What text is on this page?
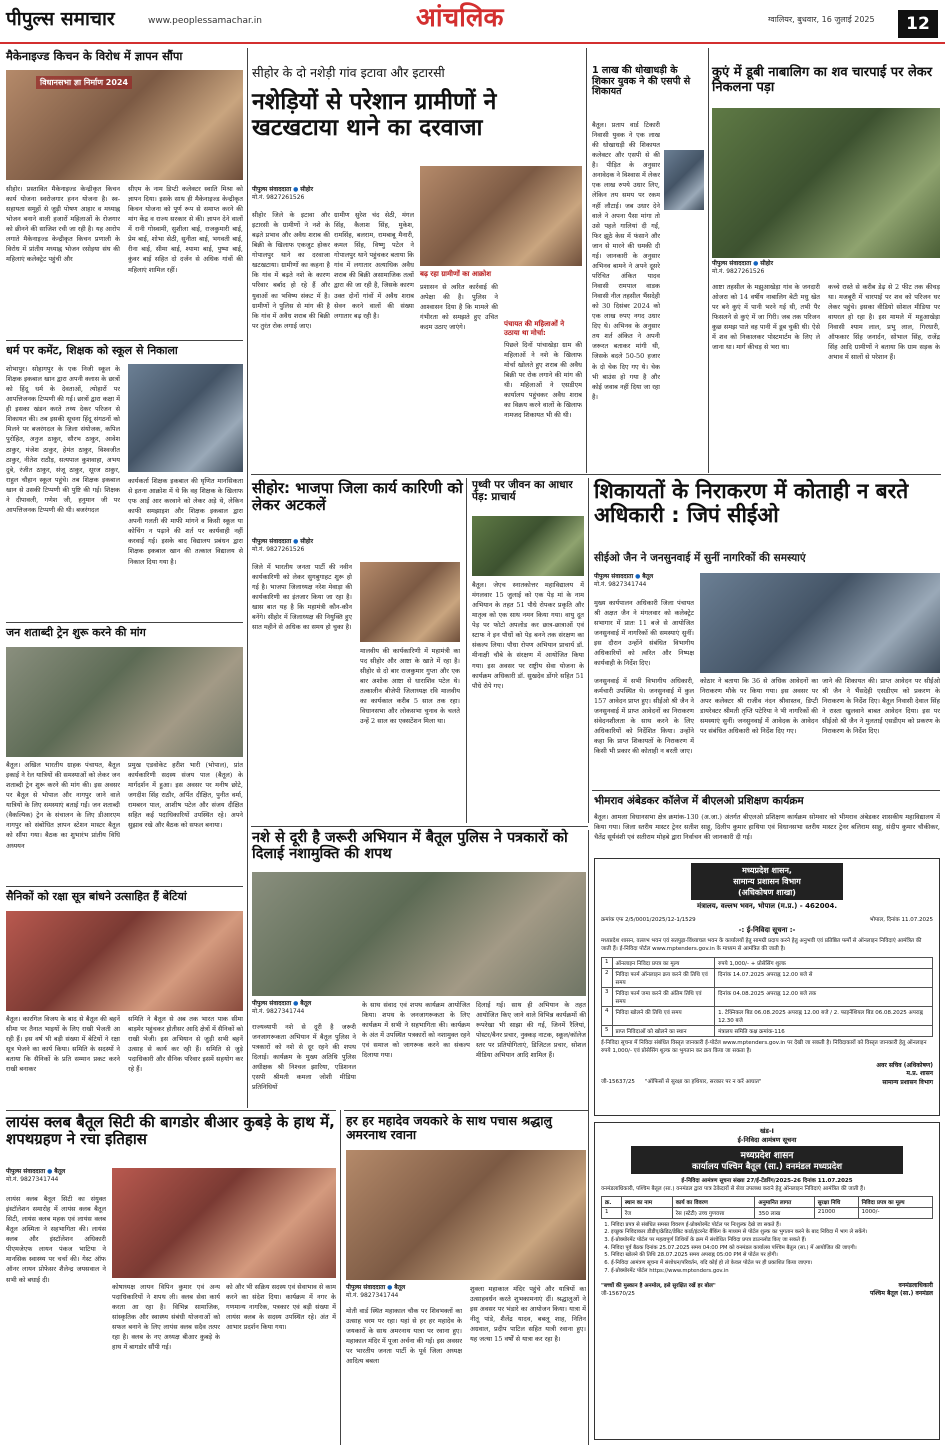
पीपुल्स समाचार	www.peoplessamachar.in	आंचलिक	ग्वालियर, बुधवार, 16 जुलाई 2025	12
मैकेनाइज्ड किचन के विरोध में ज्ञापन सौंपा
विधानसभा ज्ञा निर्माण 2024
सीहोर। प्रस्तावित मैकेनाइज्ड केन्द्रीकृत किचन कार्य योजना स्वरोजगार हनन योजना है। स्व-सहायता समूहों से जुड़ी पोषण आहार व मध्याह्न भोजन बनाने वाली हजारों महिलाओं के रोजगार को छीनने की साजिश रची जा रही है। यह आरोप लगाते मैकेनाइज्ड केन्द्रीकृत किचन प्रणाली के विरोध में प्रांतीय मध्याह्न भोजन रसोइया संघ की महिलाएं कलेक्ट्रेट पहुंची और
सीएम के नाम डिप्टी कलेक्टर स्वाति मिश्रा को ज्ञापन दिया। इसके साथ ही मैकेनाइज्ड केन्द्रीकृत किचन योजना को पूर्ण रूप से समाप्त करने की मांग केंद्र व राज्य सरकार से की। ज्ञापन देने वालों में रानी गोस्वामी, सुशीला बाई, राजकुमारी बाई, प्रेम बाई, शोभा सेठी, सुनीता बाई, भगवती बाई, रीना बाई, सीमा बाई, श्यामा बाई, पुष्पा बाई, कुंवर बाई सहित दो दर्जन से अधिक गांवों की महिलाएं शामिल रहीं।
धर्म पर कमेंट, शिक्षक को स्कूल से निकाला
शोभापुर। सोहागपुर के एक निजी स्कूल के शिक्षक इकबाल खान द्वारा अपनी क्लास के छात्रों को हिंदू धर्म के देवताओं, त्योहारों पर आपत्तिजनक टिप्पणी की गई। छात्रों द्वारा कक्षा में ही इसका खंडन करते तथ्य देकर परिजन से शिकायत की। तब इसकी सूचना हिंदू संगठनों को मिलने पर बजरंगदल के जिला संयोजक, कपिल पुरोहित, अनुज ठाकुर, सौरभ ठाकुर, आवेश ठाकुर, मंजेश ठाकुर, हेमंत ठाकुर, विश्वजीत ठाकुर, नीतेश राठौड़, सत्यपाल कुशवाहा, अभय दुबे, रंजीत ठाकुर, संजू ठाकुर, सूरज ठाकुर, राहुल चौहान स्कूल पहुंचे। तब शिक्षक इकबाल खान से उसकी टिप्पणी की पुष्टि की गई। शिक्षक ने दीपावली, गणेश जी, हनुमान जी पर आपत्तिजनक टिप्पणी की थी। बजरंगदल
कार्यकर्ता शिक्षक इकबाल की घृणित मानसिकता से इतना आक्रोश में थे कि वह शिक्षक के खिलाफ एफ आई आर करवाने को लेकर अड़े थे, लेकिन काफी समझाइश और शिक्षक इकबाल द्वारा अपनी गलती की माफी मांगने व किसी स्कूल या कोचिंग न पढ़ाने की शर्त पर कार्यवाही नहीं करवाई गई। इसके बाद विद्यालय प्रबंधन द्वारा शिक्षक इकबाल खान की तत्काल विद्यालय से निकाल दिया गया है।
जन शताब्दी ट्रेन शुरू करने की मांग
बैतूल। अखिल भारतीय ग्राहक पंचायत, बैतूल इकाई ने रेल यात्रियों की समस्याओं को लेकर जन शताब्दी ट्रेन शुरू करने की मांग की। इस अवसर पर बैतूल से भोपाल और नागपुर जाने वाले यात्रियों के लिए समस्याएं बताई गईं। जन शताब्दी (वैकल्पिक) ट्रेन के संचालन के लिए डीआरएम नागपुर को संबोधित ज्ञापन स्टेशन मास्टर बैतूल को सौंपा गया। बैठक का शुभारंभ प्रांतीय विधि अध्ययन
प्रमुख एडवोकेट हरीश भारी (भोपाल), प्रांत कार्यकारिणी सदस्य संजय पाल (बैतूल) के मार्गदर्शन में हुआ। इस अवसर पर मनीष छोटे, जगदीश सिंह राठौर, अर्पित दीक्षित, पुनीत वर्मा, रामबरन पाल, आशीष पटेल और संजय दीक्षित सहित कई पदाधिकारियों उपस्थित रहे। अपने सुझाव रखे और बैठक को सफल बनाया।
सैनिकों को रक्षा सूत्र बांधने उत्साहित हैं बेटियां
बैतूल। कारगिल विजय के बाद से बैतूल की बहनें सीमा पर तैनात भाइयों के लिए राखी भेजती आ रही हैं। इस वर्ष भी बड़ी संख्या में बेटियों ने रक्षा सूत्र भेजने का कार्य किया। समिति के सदस्यों ने बताया कि सैनिकों के प्रति सम्मान प्रकट करने राखी बनाकर
समिति ने बैतूल से अब तक भारत पाक सीमा बाड़मेर पहुंचकर होतीसर आदि क्षेत्रों में सैनिकों को राखी भेजी। इस अभियान से जुड़ी सभी बहनें उत्साह से कार्य कर रही हैं। समिति से जुड़े पदाधिकारी और सैनिक परिवार इसमें सहयोग कर रहे हैं।
सीहोर के दो नशेड़ी गांव इटावा और इटारसी
नशेड़ियों से परेशान ग्रामीणों ने खटखटाया थाने का दरवाजा
पीपुल्स संवाददाता ● सीहोर
मो.नं. 9827261526
सीहोर जिले के इटावा और इटारसी के ग्रामीणों ने नशे के बढ़ते प्रभाव और अवैध शराब की बिक्री के खिलाफ एकजुट होकर गोपालपुर थाने का दरवाजा खटखटाया। ग्रामीणों का कहना है कि गांव में बढ़ते नशे के कारण परिवार बर्बाद हो रहे हैं और युवाओं का भविष्य संकट में है। ग्रामीणों ने पुलिस से मांग की है कि गांव में अवैध शराब की बिक्री पर तुरंत रोक लगाई जाए।
ग्रामीण सुरेश चंद सेठी, मंगल सिंह, कैलाश सिंह, मुकेश, रामसिंह, बलराम, रामबाबू मैनारी, कमल सिंह, विष्णु पटेल ने गोपालपुर थाने पहुंचकर बताया कि गांव में लगातार अत्याधिक अवैध शराब की बिक्री असामाजिक तत्वों द्वारा की जा रही है, जिसके कारण उक्त दोनों गांवों में अवैध शराब सेवन करने वालों की संख्या लगातार बढ़ रही है।
बढ़ रहा ग्रामीणों का आक्रोश
प्रशासन से त्वरित कार्रवाई की अपेक्षा की है। पुलिस ने आश्वासन दिया है कि मामले की गंभीरता को समझते हुए उचित कदम उठाए जाएंगे।	पंचायत की महिलाओं ने उठाया था मोर्चा:
पिछले दिनों पांचाखेड़ा ग्राम की महिलाओं ने नशे के खिलाफ मोर्चा खोलते हुए शराब की अवैध बिक्री पर रोक लगाने की मांग की थी। महिलाओं ने एसडीएम कार्यालय पहुंचकर अवैध शराब का विक्रय करने वालों के खिलाफ नामजद शिकायत भी की थी।
1 लाख की धोखाधड़ी के शिकार युवक ने की एसपी से शिकायत
बैतूल। प्रताप वार्ड टिकारी निवासी युवक ने एक लाख की धोखाधड़ी की शिकायत कलेक्टर और एसपी से की है। पीड़ित के अनुसार अनावेदक ने विश्वास में लेकर एक लाख रुपये उधार लिए, लेकिन तय समय पर रकम नहीं लौटाई। जब उधार देने वाले ने अपना पैसा मांगा तो उसे पहले गालियां दी गईं, फिर झूठे केस में फंसाने और जान से मारने की धमकी दी गई। जानकारी के अनुसार अभिनव बामने ने अपने दूसरे परिचित अंकित यादव निवासी रामपाल वाडक निवासी नील तहसील भैंसदेही को 30 दिसंबर 2024 को एक लाख रुपए नगद उधार दिए थे। अभिनव के अनुसार तय शर्त अंकित ने अपनी जरूरत बताकर मांगी थी, जिसके बदले 50-50 हजार के दो चेक दिए गए थे। चेक भी बाउंस हो गया है और कोई जवाब नहीं दिया जा रहा है।
कुएं में डूबी नाबालिग का शव चारपाई पर लेकर निकलना पड़ा
पीपुल्स संवाददाता ● सीहोर
मो.नं. 9827261526
आष्टा तहसील के मझुआखेड़ा गांव के जनदारी ओजरा को 14 वर्षीय नाबालिग बेटी मधु खेत पर बने कुएं में पानी भरने गई थी, तभी पैर फिसलने से कुएं में जा गिरी। जब तक परिजन कुछ समझ पाते वह पानी में डूब चुकी थी। ऐसे में शव को निकालकर पोस्टमार्टम के लिए ले जाना था। मार्ग कीचड़ से भरा था।
कच्चे रास्ते से करीब डेढ़ से 2 फीट तक कीचड़ था। मजबूरी में चारपाई पर शव को परिजन घर लेकर पहुंचे। इसका वीडियो सोशल मीडिया पर वायरल हो रहा है। इस मामले में महुआखेड़ा निवासी श्याम लाल, प्रभु लाल, गिरधारी, ऑफकार सिंह जनार्दन, सोभाल सिंह, राजेंद्र सिंह आदि ग्रामीणों ने बताया कि ग्राम सड़क के अभाव में सालों से परेशान हैं।
सीहोर: भाजपा जिला कार्य कारिणी को लेकर अटकलें
पीपुल्स संवाददाता ● सीहोर
मो.नं. 9827261526
जिले में भारतीय जनता पार्टी की नवीन कार्यकारिणी को लेकर सुगबुगाहट शुरू हो गई है। भाजपा जिलाध्यक्ष नरेश मेवाड़ा की कार्यकारिणी का इंतजार किया जा रहा है। खास बात यह है कि महामंत्री कौन-कौन बनेंगे। सीहोर में जिलाध्यक्ष की नियुक्ति हुए सात महीने से अधिक का समय हो चुका है।
मालवीय की कार्यकारिणी में महामंत्री का पद सीहोर और आष्टा के खाते में रहा है। सीहोर से दो बार राजकुमार गुप्ता और एक बार अशोक आष्टा से धाराशिव पटेल थे। तत्कालीन बीजेपी जिलाध्यक्ष रवि मालवीय का कार्यकाल करीब 5 साल तक रहा। विधानसभा और लोकसभा चुनाव के चलते उन्हें 2 साल का एक्सटेंशन मिला था।
पृथ्वी पर जीवन का आधार पेड़: प्राचार्य
बैतूल। जेएच स्नातकोत्तर महाविद्यालय में मंगलवार 15 जुलाई को एक पेड़ मां के नाम अभियान के तहत 51 पौधे रोपकर प्रकृति और मातृत्व को एक साथ नमन किया गया। वायु दूत पेड़ पर फोटो अपलोड कर छात्र-छात्राओं एवं स्टाफ ने इन पौधों को पेड़ बनने तक संरक्षण का संकल्प लिया। पौधा रोपण अभियान प्राचार्य डॉ. मीनाक्षी चौबे के संरक्षण में आयोजित किया गया। इस अवसर पर राष्ट्रीय सेवा योजना के कार्यक्रम अधिकारी डॉ. सुखदेव डोंगरे सहित 51 पौधे रोपे गए।
शिकायतों के निराकरण में कोताही न बरते अधिकारी : जिपं सीईओ
सीईओ जैन ने जनसुनवाई में सुनीं नागरिकों की समस्याएं
पीपुल्स संवाददाता ● बैतूल
मो.नं. 9827341744
मुख्य कार्यपालन अधिकारी जिला पंचायत श्री अक्षत जैन ने मंगलवार को कलेक्ट्रेट सभागार में प्रातः 11 बजे से आयोजित जनसुनवाई में नागरिकों की समस्याएं सुनीं। इस दौरान उन्होंने संबंधित विभागीय अधिकारियों को त्वरित और निष्पक्ष कार्यवाही के निर्देश दिए।
जनसुनवाई में सभी विभागीय अधिकारी, कर्मचारी उपस्थित थे। जनसुनवाई में कुल 157 आवेदन प्राप्त हुए। सीईओ श्री जैन ने जनसुनवाई में प्राप्त आवेदनों का निराकरण संवेदनशीलता के साथ करने के लिए अधिकारियों को निर्देशित किया। उन्होंने कहा कि प्राप्त शिकायतों के निराकरण में किसी भी प्रकार की कोताही न बरती जाए।
कोठार ने बताया कि 36 से अधिक आवेदनों का निराकरण मौके पर किया गया। इस अवसर पर अपर कलेक्टर श्री राजीव नंदन श्रीवास्तव, डिप्टी डायरेक्टर श्रीमती तृप्ति पटेरिया ने भी नागरिकों की समस्याएं सुनीं। जनसुनवाई में आवेदक के आवेदन पर संबंधित अधिकारी को निर्देश दिए गए।
जाने की शिकायत की। प्राप्त आवेदन पर सीईओ श्री जैन ने भैंसदेही एसडीएम को प्रकरण के निराकरण के निर्देश दिए। बैतूल निवासी देवाल सिंह ने रास्ता खुलवाने बाबत आवेदन दिया। इस पर सीईओ श्री जैन ने मुलताई एसडीएम को प्रकरण के निराकरण के निर्देश दिए।
भीमराव अंबेडकर कॉलेज में बीएलओ प्रशिक्षण कार्यक्रम
बैतूल। आमला विधानसभा क्षेत्र क्रमांक-130 (अ.जा.) अंतर्गत बीएलओ प्रशिक्षण कार्यक्रम सोमवार को भीमराव अंबेडकर शासकीय महाविद्यालय में किया गया। जिला स्तरीय मास्टर ट्रेनर सतीश साहू, दिलीप कुमार हाथिया एवं विधानसभा स्तरीय मास्टर ट्रेनर बलिराम साहू, संदीप कुमार चौकीकर, चैतेंद्र सूर्यवंशी एवं सतीराम मोहबे द्वारा निर्वाचन की जानकारी दी गई।
नशे से दूरी है जरूरी अभियान में बैतूल पुलिस ने पत्रकारों को दिलाई नशामुक्ति की शपथ
पीपुल्स संवाददाता ● बैतूल
मो.नं. 9827341744
राज्यव्यापी नशे से दूरी है जरूरी जनजागरूकता अभियान में बैतूल पुलिस ने पत्रकारों को नशे से दूर रहने की शपथ दिलाई। कार्यक्रम के मुख्य अतिथि पुलिस अधीक्षक श्री निश्चल झारिया, एडिशनल एसपी श्रीमती कमला जोशी मीडिया प्रतिनिधियों
के साथ संवाद एवं शपथ कार्यक्रम आयोजित किया। शपथ के जनजागरूकता के लिए कार्यक्रम में सभी ने सहभागिता की। कार्यक्रम के अंत में उपस्थित पत्रकारों को नशामुक्त रहने एवं समाज को जागरूक करने का संकल्प दिलाया गया।
दिलाई गई। साथ ही अभियान के तहत आयोजित किए जाने वाले विभिन्न कार्यक्रमों की रूपरेखा भी साझा की गई, जिनमें रैलियां, पोस्टर/बैनर प्रचार, नुक्कड़ नाटक, स्कूल/कॉलेज स्तर पर प्रतियोगिताएं, डिजिटल प्रचार, सोशल मीडिया अभियान आदि शामिल हैं।
मध्यप्रदेश शासन,
सामान्य प्रशासन विभाग
(अधिकोषण शाखा)
मंत्रालय, वल्लभ भवन, भोपाल (म.प्र.) - 462004.
क्रमांक एफ 2/5/0001/2025/12-1/1529	भोपाल, दिनांक 11.07.2025
-: ई-निविदा सूचना :-
मध्यप्रदेश शासन, वल्लभ भवन एवं सतपुड़ा-विंध्याचल भवन के कार्यालयों हेतु सामग्री प्रदाय करने हेतु अनुभवी एवं प्रतिष्ठित फर्मों से ऑनलाइन निविदाएं आमंत्रित की जाती हैं। ई-निविदा पोर्टल www.mptenders.gov.in के माध्यम से आमंत्रित की जाती है।
1	ऑनलाइन निविदा प्रपत्र का मूल्य	रुपये 1,000/- + प्रोसेसिंग शुल्क
2	निविदा फार्म ऑनलाइन क्रय करने की तिथि एवं समय	दिनांक 14.07.2025 अपराह्न 12.00 बजे से
3	निविदा फार्म जमा करने की अंतिम तिथि एवं समय	दिनांक 04.08.2025 अपराह्न 12.00 बजे तक
4	निविदा खोलने की तिथि एवं समय	1. टेक्निकल बिड 06.08.2025 अपराह्न 12.00 बजे / 2. फाइनेंशियल बिड 06.08.2025 अपराह्न 12.30 बजे
5	प्राप्त निविदाओं को खोलने का स्थान	मंत्रालय समिति कक्ष क्रमांक-116
ई-निविदा सूचना में निविदा संबंधित विस्तृत जानकारी ई-पोर्टल www.mptenders.gov.in पर देखी जा सकती है। निविदाकारों को विस्तृत जानकारी हेतु ऑनलाइन रुपये 1,000/- एवं प्रोसेसिंग शुल्क का भुगतान कर क्रय किया जा सकता है।
अवर सचिव (अधिकोषण)
म.प्र. शासन
सामान्य प्रशासन विभाग
जी-15637/25 "ऑफिसों से सुरक्षा का हथियार, सरकार पर न करें आघात"
लायंस क्लब बैतूल सिटी की बागडोर बीआर कुबड़े के हाथ में, शपथग्रहण ने रचा इतिहास
पीपुल्स संवाददाता ● बैतूल
मो.नं. 9827341744
लायंस क्लब बैतूल सिटी का संयुक्त इंस्टॉलेशन समारोह में लायंस क्लब बैतूल सिटी, लायंस क्लब महक एवं लायंस क्लब बैतूल अस्मिता ने सहभागिता की। लायंस क्लब और इंस्टॉलेशन अधिकारी पीएमजेएफ लायन पंकज भाटिया ने मानसिक स्वास्थ्य पर चर्चा की। गेस्ट ऑफ ऑनर लायन प्रोफेसर शैलेन्द्र जयसवाल ने सभी को बधाई दी।
कोषाध्यक्ष लायन विपिन कुमार एवं अन्य पदाधिकारियों ने शपथ ली। क्लब सेवा कार्य करता आ रहा है। विभिन्न सामाजिक, सांस्कृतिक और स्वास्थ्य संबंधी योजनाओं को सफल बनाने के लिए लायंस क्लब सदैव तत्पर रहा है। क्लब के नए अध्यक्ष बीआर कुबड़े के हाथ में बागडोर सौंपी गई।
को और भी सक्रिय सदस्य एवं सेवाभाव से काम करने का संदेश दिया। कार्यक्रम में नगर के गणमान्य नागरिक, पत्रकार एवं बड़ी संख्या में लायंस क्लब के सदस्य उपस्थित रहे। अंत में आभार प्रदर्शन किया गया।
हर हर महादेव जयकारे के साथ पचास श्रद्धालु अमरनाथ रवाना
पीपुल्स संवाददाता ● बैतूल
मो.नं. 9827341744
मोती वार्ड स्थित महाकाल चौक पर शिवभक्तों का उत्साह चरम पर रहा। यहां से हर हर महादेव के जयकारों के साथ अमरनाथ यात्रा पर रवाना हुए। महाकाल मंदिर में पूजा अर्चना की गई। इस अवसर पर भारतीय जनता पार्टी के पूर्व जिला अध्यक्ष आदित्य बबला
शुक्ला महाकाल मंदिर पहुंचे और यात्रियों का उत्साहवर्धन करते शुभकामनाएं दीं। श्रद्धालुओं ने इस अवसर पर भंडारे का आयोजन किया। यात्रा में नीतू पांडे, शैलेंद्र यादव, बबलू शाह, नितिन अग्रवाल, प्रदीप पाटिल सहित यात्री रवाना हुए। यह जत्था 15 वर्षों से यात्रा कर रहा है।
खंड-I
ई-निविदा आमंत्रण सूचना
मध्यप्रदेश शासन
कार्यालय पश्चिम बैतूल (सा.) वनमंडल मध्यप्रदेश
ई-निविदा आमंत्रण सूचना संख्या 27/ई-टेंडरिंग/2025-26 दिनांक 11.07.2025
वनमंडलाधिकारी, पश्चिम बैतूल (सा.) वनमंडल द्वारा पात्र ठेकेदारों से सेवा उपलब्ध कराने हेतु ऑनलाइन निविदाएं आमंत्रित की जाती हैं।
क्र.	स्थान का नाम	कार्य का विवरण	अनुमानित लागत	सुरक्षा निधि	निविदा प्रपत्र का मूल्य
1	रेंज	रेस (स्टेटी) उच्च गुणवत्ता	350 लाख	21000	1000/-
1. निविदा प्रपत्र से संबंधित समस्त विवरण ई-प्रोक्योरमेंट पोर्टल पर निःशुल्क देखे जा सकते हैं।
2. इच्छुक निविदाकार डीडीए/क्रेडिट/डेबिट कार्ड/इंटरनेट बैंकिंग के माध्यम से पोर्टल शुल्क का भुगतान करने के बाद निविदा में भाग ले सकेंगे।
3. ई-प्रोक्योरमेंट पोर्टल पर महत्वपूर्ण तिथियों के क्रम में संशोधित निविदा प्रपत्र डाउनलोड किए जा सकते हैं।
4. निविदा पूर्व बैठक दिनांक 25.07.2025 समय 04:00 PM को वनमंडल कार्यालय पश्चिम बैतूल (सा.) में आयोजित की जाएगी।
5. निविदा खोलने की तिथि 28.07.2025 समय अपराह्न 05:00 PM से पोर्टल पर होगी।
6. ई-निविदा आमंत्रण सूचना में संशोधन/परिवर्तन, यदि कोई हो तो केवल पोर्टल पर ही प्रकाशित किया जाएगा।
7. ई-प्रोक्योरमेंट पोर्टल https://www.mptenders.gov.in
"बच्चों की मुस्कान है अनमोल, इसे सुरक्षित रखें हर बोल"
जी-15670/25
वनमंडलाधिकारी
पश्चिम बैतूल (सा.) वनमंडल
